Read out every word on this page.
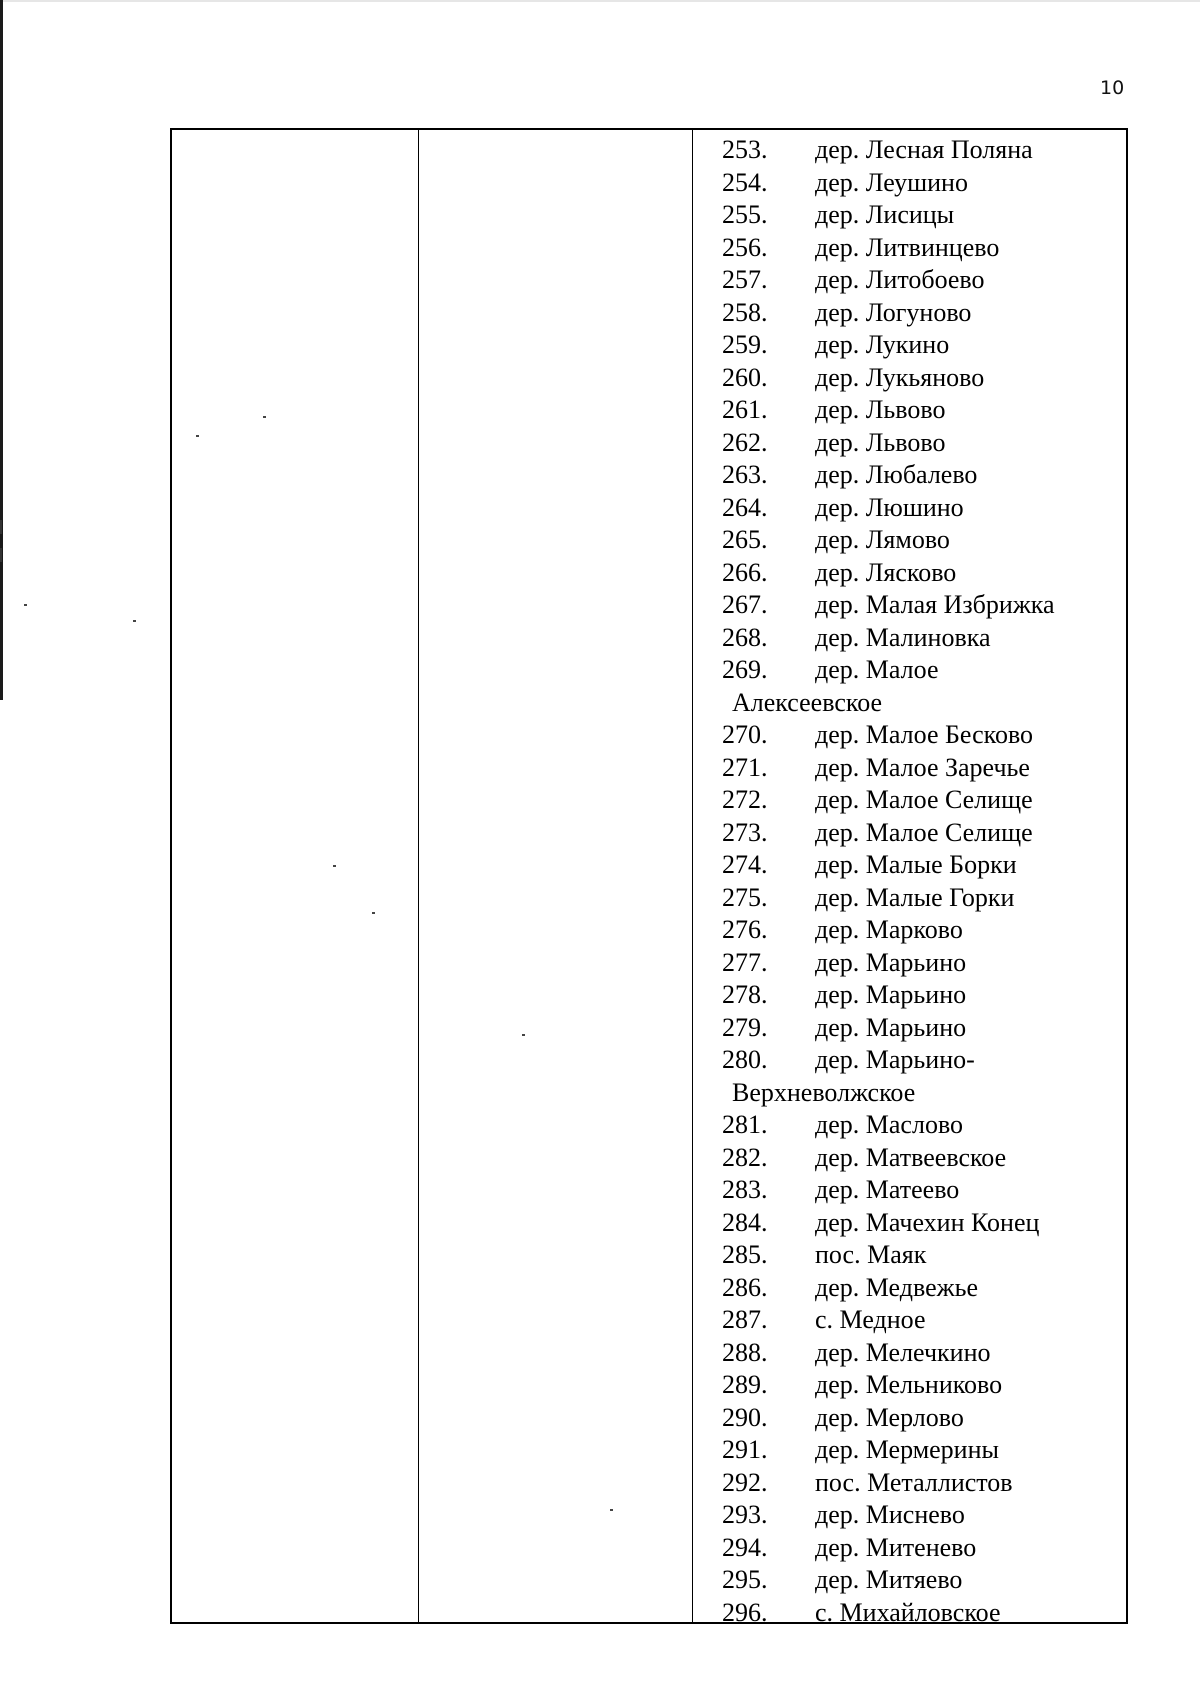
10
253.	дер. Лесная Поляна
254.	дер. Леушино
255.	дер. Лисицы
256.	дер. Литвинцево
257.	дер. Литобоево
258.	дер. Логуново
259.	дер. Лукино
260.	дер. Лукьяново
261.	дер. Львово
262.	дер. Львово
263.	дер. Любалево
264.	дер. Люшино
265.	дер. Лямово
266.	дер. Лясково
267.	дер. Малая Избрижка
268.	дер. Малиновка
269.	дер. Малое
Алексеевское
270.	дер. Малое Бесково
271.	дер. Малое Заречье
272.	дер. Малое Селище
273.	дер. Малое Селище
274.	дер. Малые Борки
275.	дер. Малые Горки
276.	дер. Марково
277.	дер. Марьино
278.	дер. Марьино
279.	дер. Марьино
280.	дер. Марьино-
Верхневолжское
281.	дер. Маслово
282.	дер. Матвеевское
283.	дер. Матеево
284.	дер. Мачехин Конец
285.	пос. Маяк
286.	дер. Медвежье
287.	с. Медное
288.	дер. Мелечкино
289.	дер. Мельниково
290.	дер. Мерлово
291.	дер. Мермерины
292.	пос. Металлистов
293.	дер. Миснево
294.	дер. Митенево
295.	дер. Митяево
296.	с. Михайловское
